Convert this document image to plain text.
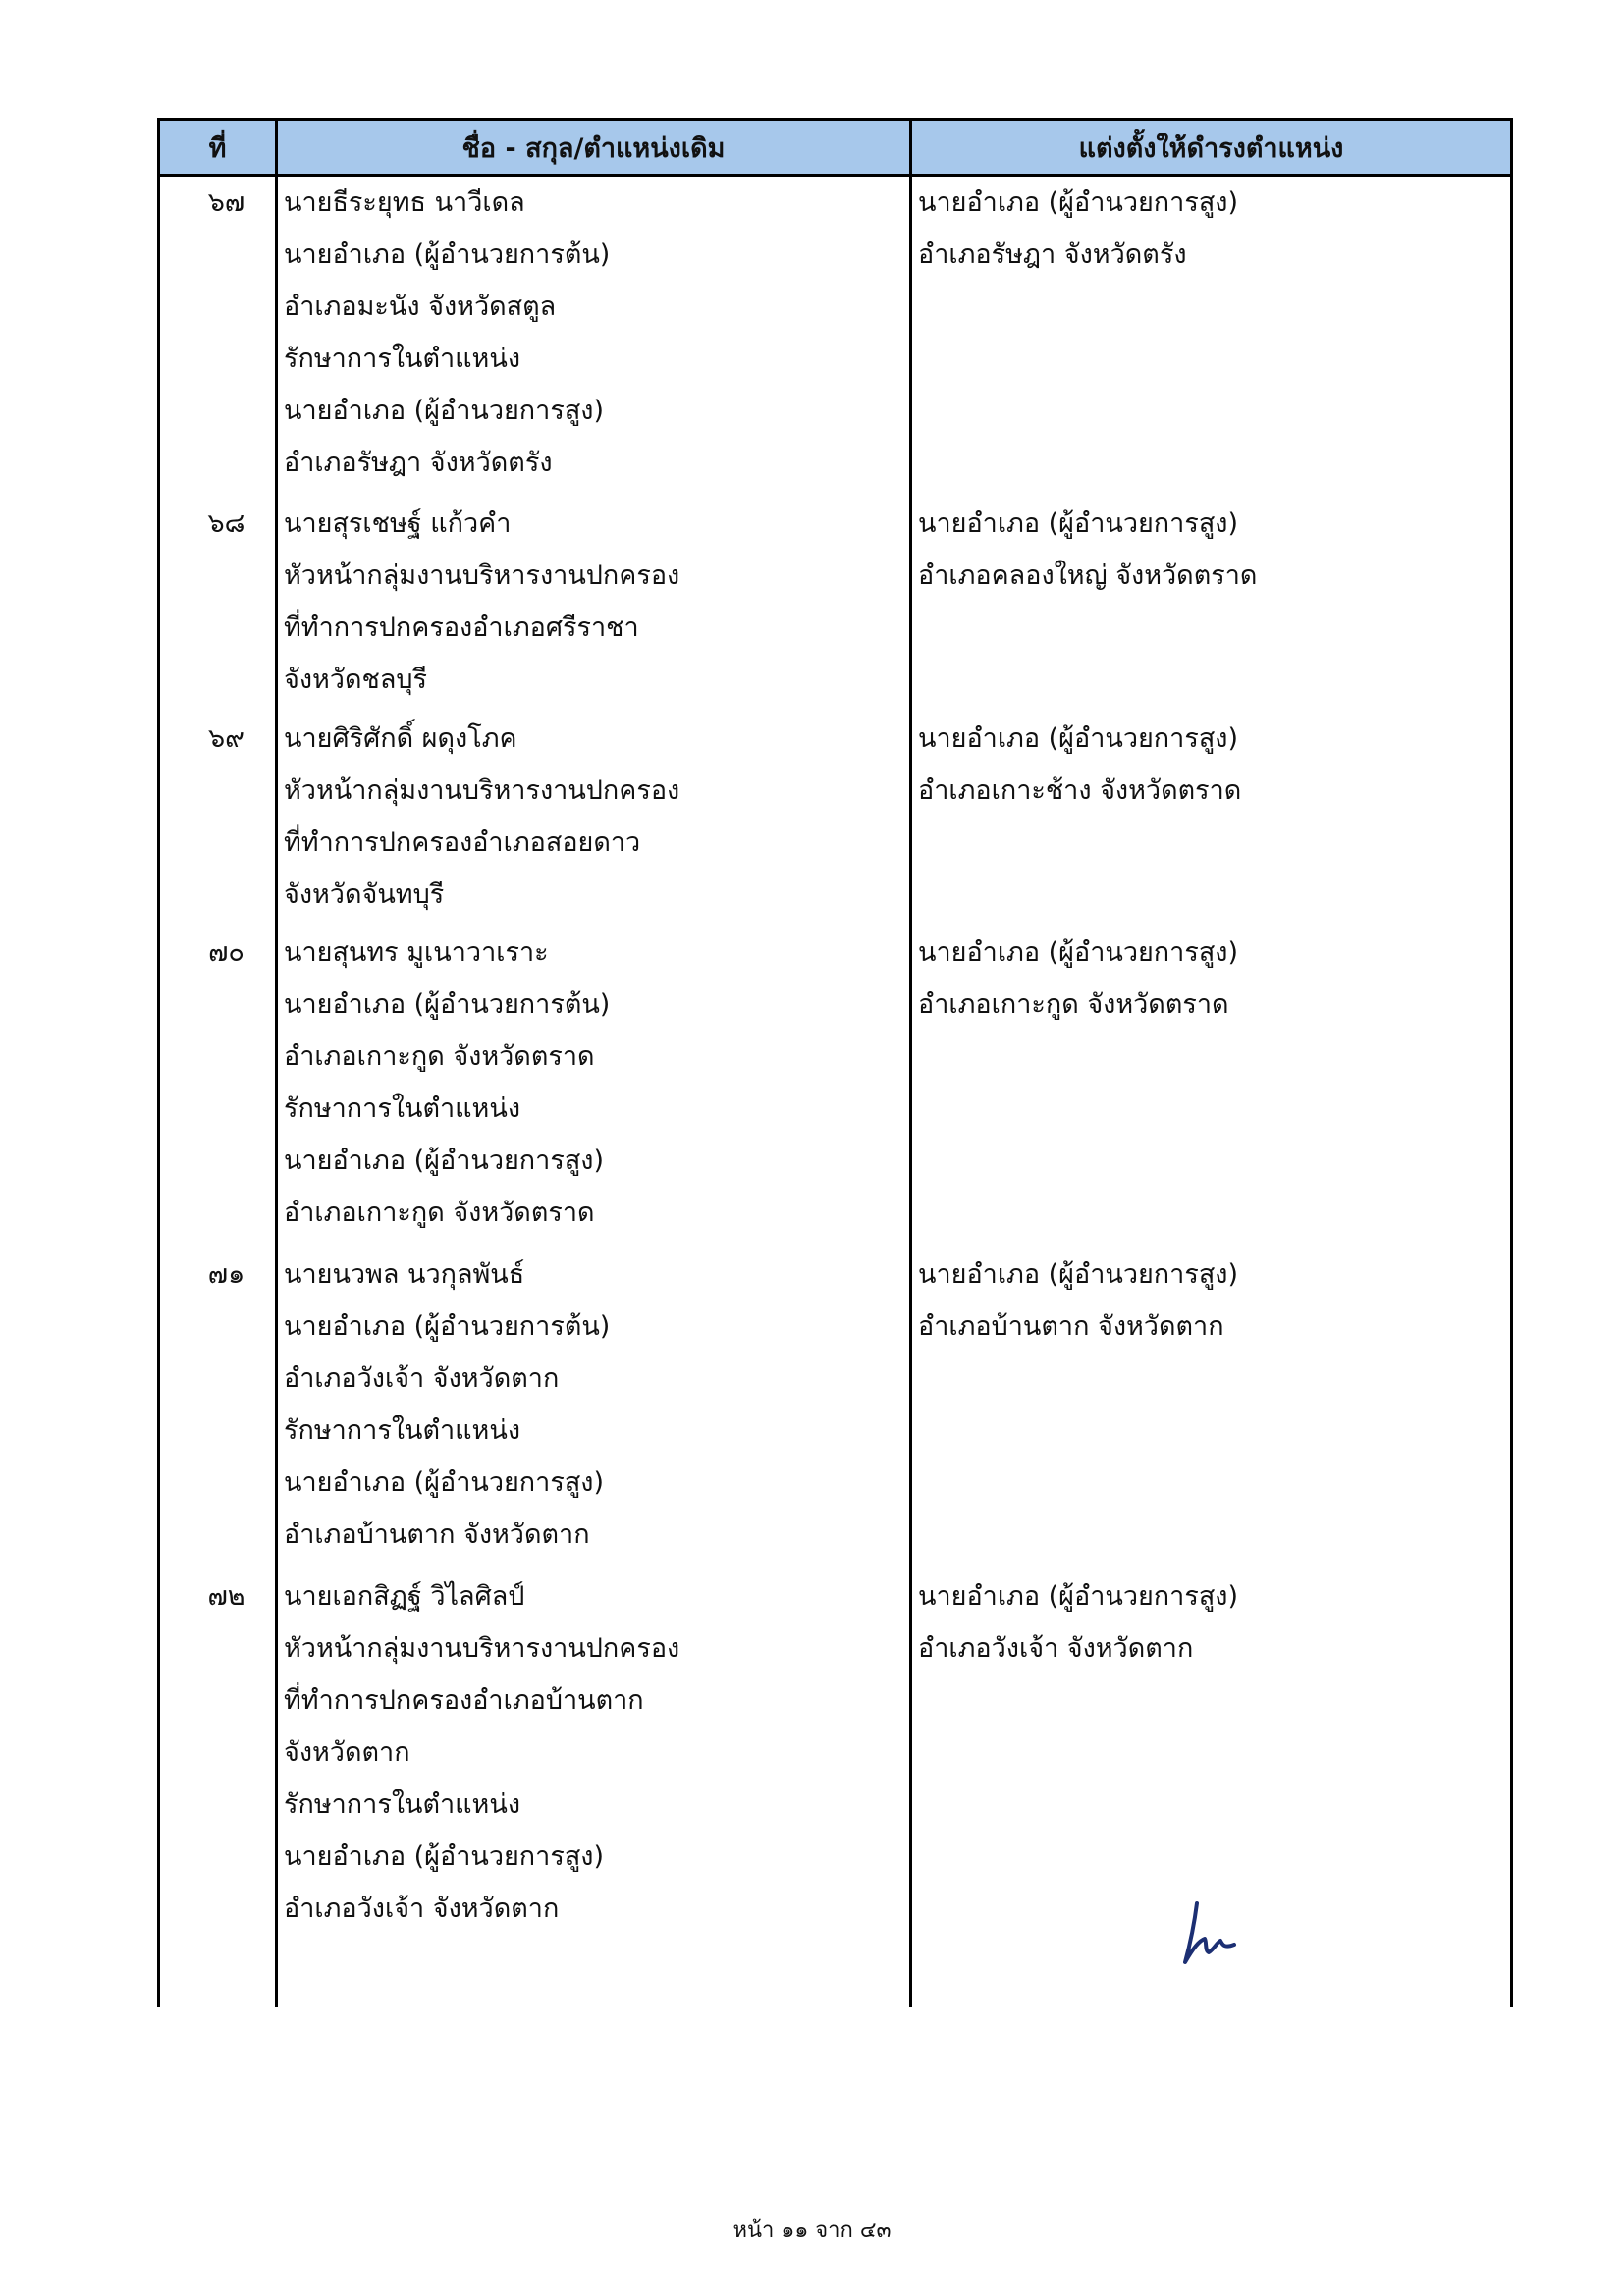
ที่	ชื่อ - สกุล/ตำแหน่งเดิม	แต่งตั้งให้ดำรงตำแหน่ง
๖๗
๖๘
๖๙
๗๐
๗๑
๗๒
นายธีระยุทธ นาวีเดล
นายอำเภอ (ผู้อำนวยการต้น)
อำเภอมะนัง จังหวัดสตูล
รักษาการในตำแหน่ง
นายอำเภอ (ผู้อำนวยการสูง)
อำเภอรัษฎา จังหวัดตรัง
นายสุรเชษฐ์ แก้วคำ
หัวหน้ากลุ่มงานบริหารงานปกครอง
ที่ทำการปกครองอำเภอศรีราชา
จังหวัดชลบุรี
นายศิริศักดิ์ ผดุงโภค
หัวหน้ากลุ่มงานบริหารงานปกครอง
ที่ทำการปกครองอำเภอสอยดาว
จังหวัดจันทบุรี
นายสุนทร มูเนาวาเราะ
นายอำเภอ (ผู้อำนวยการต้น)
อำเภอเกาะกูด จังหวัดตราด
รักษาการในตำแหน่ง
นายอำเภอ (ผู้อำนวยการสูง)
อำเภอเกาะกูด จังหวัดตราด
นายนวพล นวกุลพันธ์
นายอำเภอ (ผู้อำนวยการต้น)
อำเภอวังเจ้า จังหวัดตาก
รักษาการในตำแหน่ง
นายอำเภอ (ผู้อำนวยการสูง)
อำเภอบ้านตาก จังหวัดตาก
นายเอกสิฏฐ์ วิไลศิลป์
หัวหน้ากลุ่มงานบริหารงานปกครอง
ที่ทำการปกครองอำเภอบ้านตาก
จังหวัดตาก
รักษาการในตำแหน่ง
นายอำเภอ (ผู้อำนวยการสูง)
อำเภอวังเจ้า จังหวัดตาก
นายอำเภอ (ผู้อำนวยการสูง)
อำเภอรัษฎา จังหวัดตรัง
นายอำเภอ (ผู้อำนวยการสูง)
อำเภอคลองใหญ่ จังหวัดตราด
นายอำเภอ (ผู้อำนวยการสูง)
อำเภอเกาะช้าง จังหวัดตราด
นายอำเภอ (ผู้อำนวยการสูง)
อำเภอเกาะกูด จังหวัดตราด
นายอำเภอ (ผู้อำนวยการสูง)
อำเภอบ้านตาก จังหวัดตาก
นายอำเภอ (ผู้อำนวยการสูง)
อำเภอวังเจ้า จังหวัดตาก
หน้า ๑๑ จาก ๔๓
